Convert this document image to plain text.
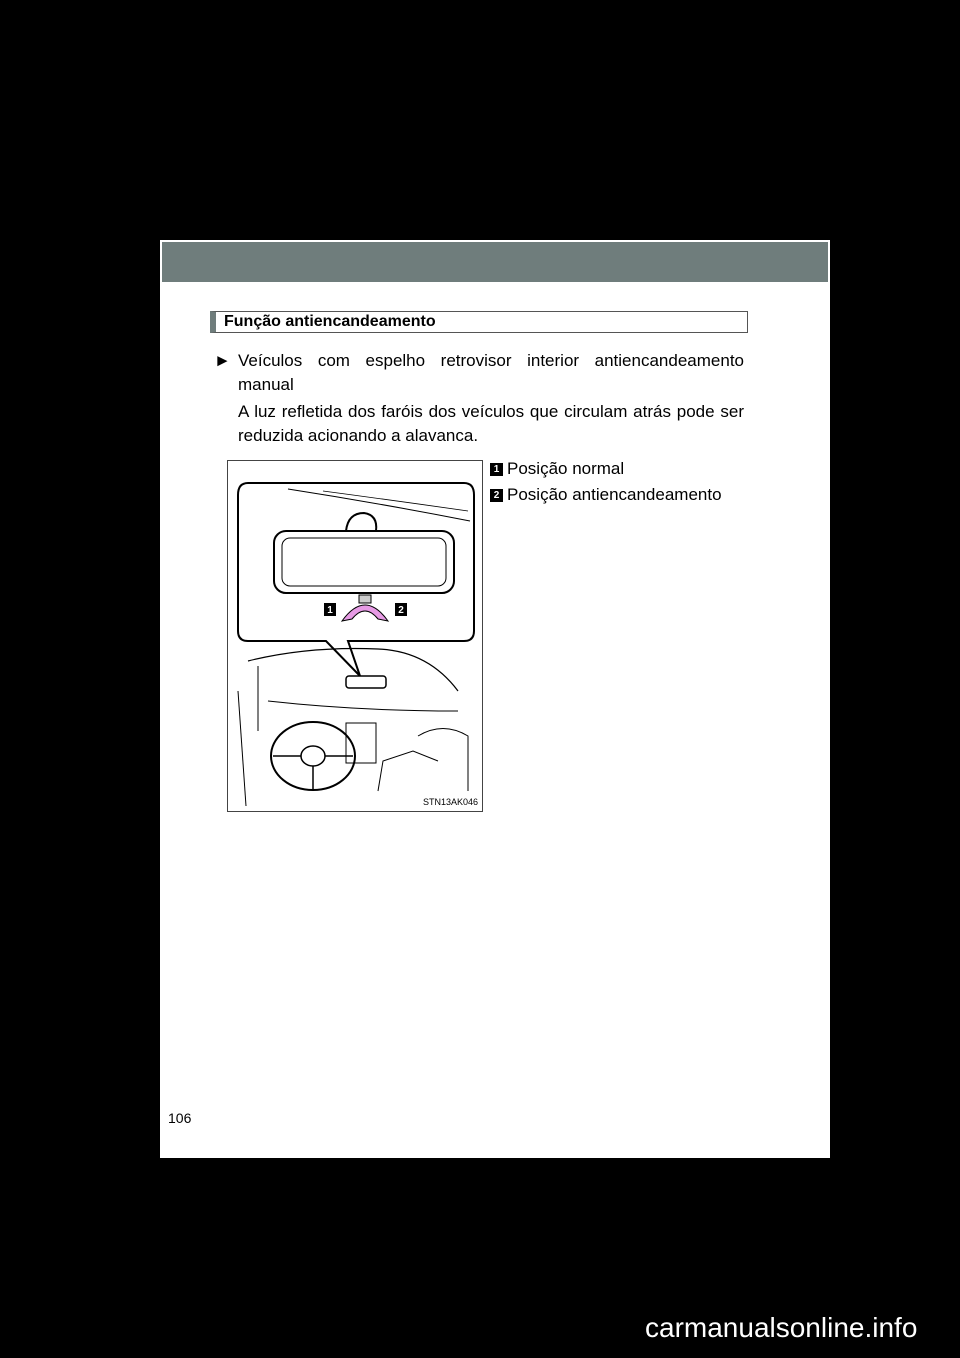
Função antiencandeamento
► Veículos com espelho retrovisor interior antiencandeamento manual
A luz refletida dos faróis dos veículos que circulam atrás pode ser reduzida acionando a alavanca.
1	2
STN13AK046
1 Posição normal
2 Posição antiencandeamento
106
carmanualsonline.info
